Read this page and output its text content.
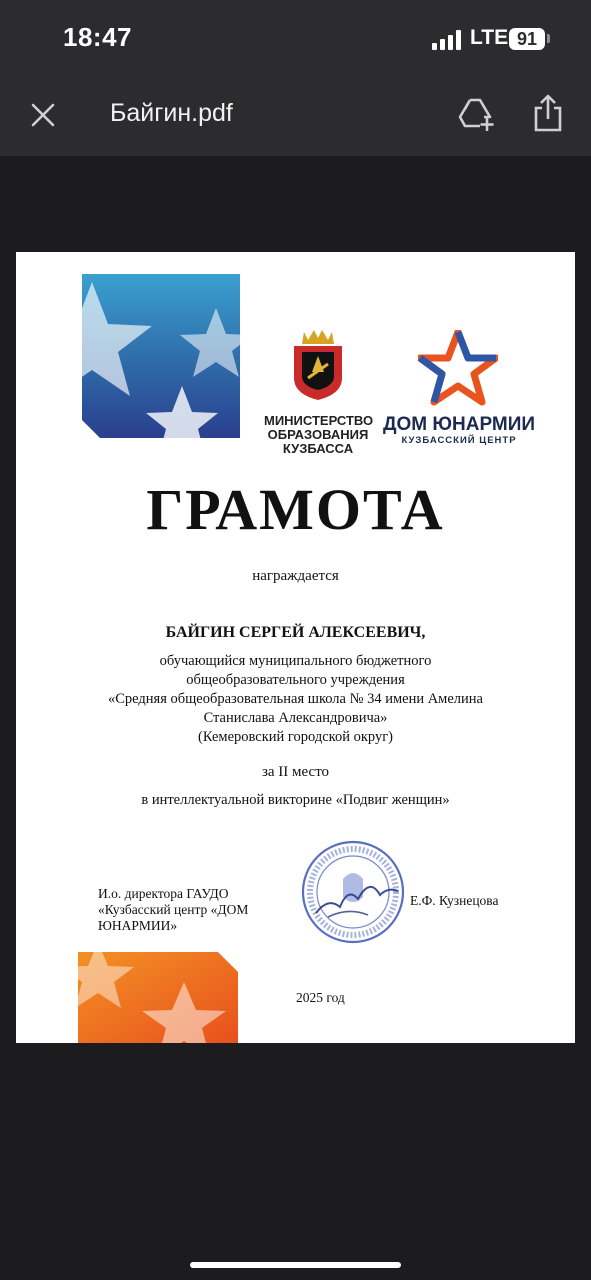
18:47	LTE 91
Байгин.pdf
МИНИСТЕРСТВО
ОБРАЗОВАНИЯ
КУЗБАССА
ДОМ ЮНАРМИИ
КУЗБАССКИЙ ЦЕНТР
ГРАМОТА
награждается
БАЙГИН СЕРГЕЙ АЛЕКСЕЕВИЧ,
обучающийся муниципального бюджетного
общеобразовательного учреждения
«Средняя общеобразовательная школа № 34 имени Амелина
Станислава Александровича»
(Кемеровский городской округ)
за II место
в интеллектуальной викторине «Подвиг женщин»
И.о. директора ГАУДО
«Кузбасский центр «ДОМ
ЮНАРМИИ»
Е.Ф. Кузнецова
2025 год
